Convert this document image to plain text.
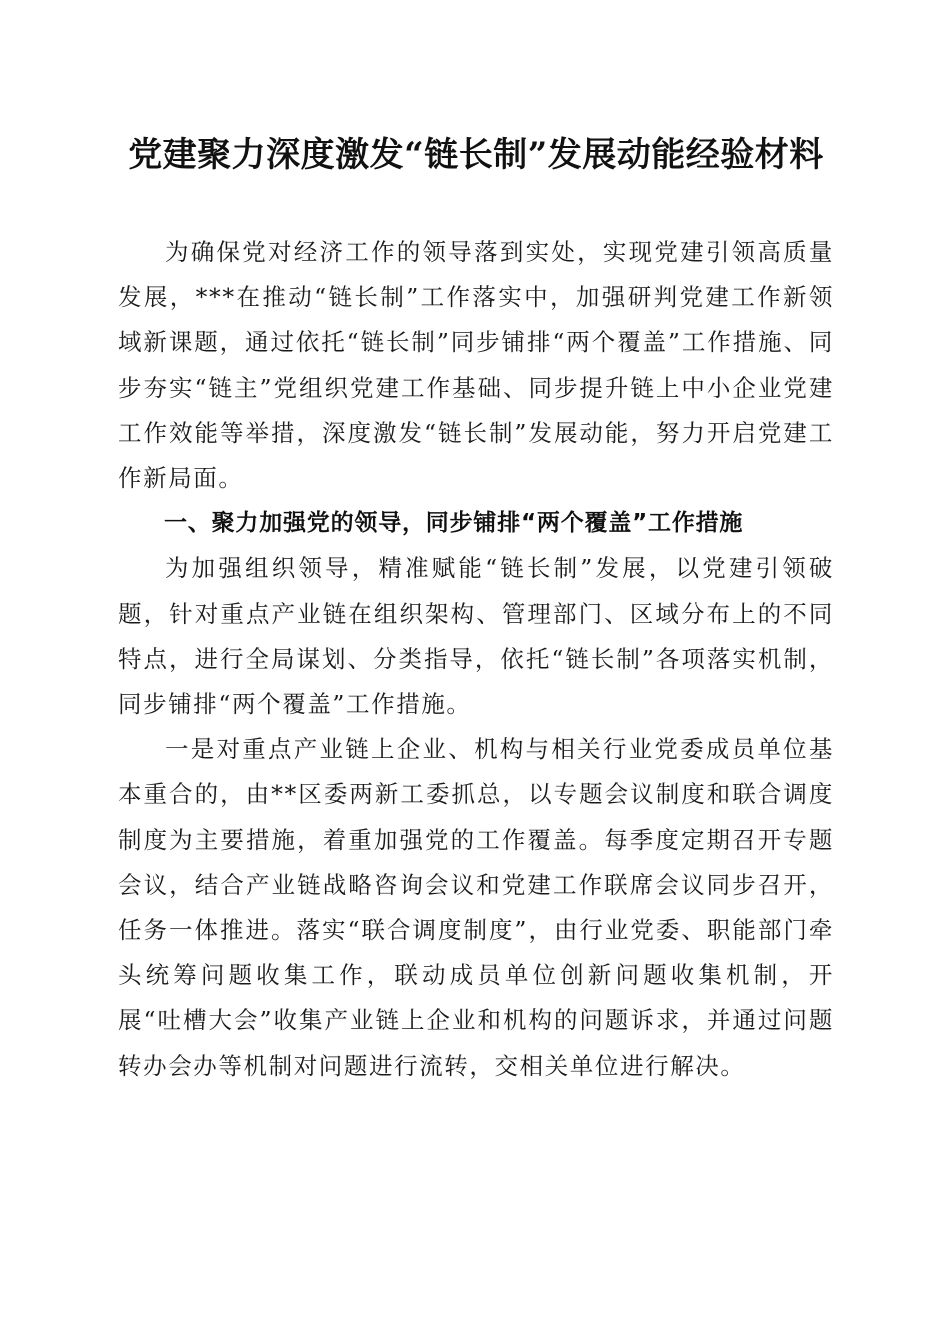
党建聚力深度激发“链长制”发展动能经验材料

为确保党对经济工作的领导落到实处，实现党建引领高质量发展，***在推动“链长制”工作落实中，加强研判党建工作新领域新课题，通过依托“链长制”同步铺排“两个覆盖”工作措施、同步夯实“链主”党组织党建工作基础、同步提升链上中小企业党建工作效能等举措，深度激发“链长制”发展动能，努力开启党建工作新局面。

一、聚力加强党的领导，同步铺排“两个覆盖”工作措施

为加强组织领导，精准赋能“链长制”发展，以党建引领破题，针对重点产业链在组织架构、管理部门、区域分布上的不同特点，进行全局谋划、分类指导，依托“链长制”各项落实机制，同步铺排“两个覆盖”工作措施。

一是对重点产业链上企业、机构与相关行业党委成员单位基本重合的，由**区委两新工委抓总，以专题会议制度和联合调度制度为主要措施，着重加强党的工作覆盖。每季度定期召开专题会议，结合产业链战略咨询会议和党建工作联席会议同步召开，任务一体推进。落实“联合调度制度”，由行业党委、职能部门牵头统筹问题收集工作，联动成员单位创新问题收集机制，开展“吐槽大会”收集产业链上企业和机构的问题诉求，并通过问题转办会办等机制对问题进行流转，交相关单位进行解决。
